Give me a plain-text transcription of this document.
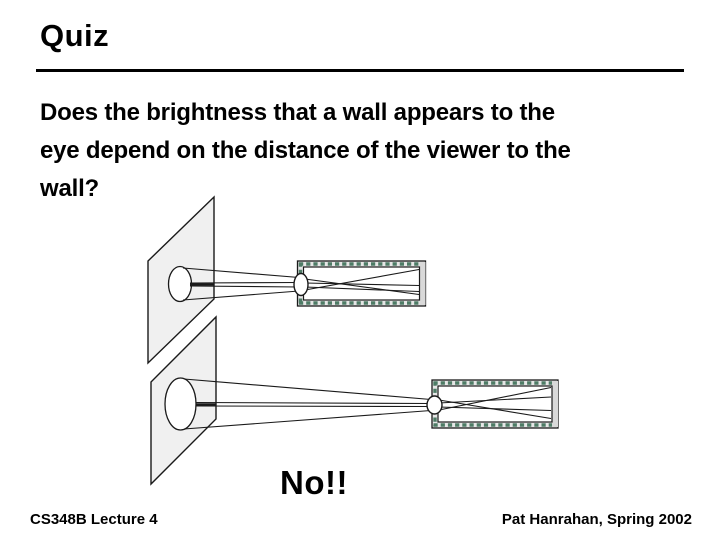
Quiz
Does the brightness that a wall appears to the
eye depend on the distance of the viewer to the
wall?
No!!
CS348B Lecture 4	Pat Hanrahan, Spring 2002
